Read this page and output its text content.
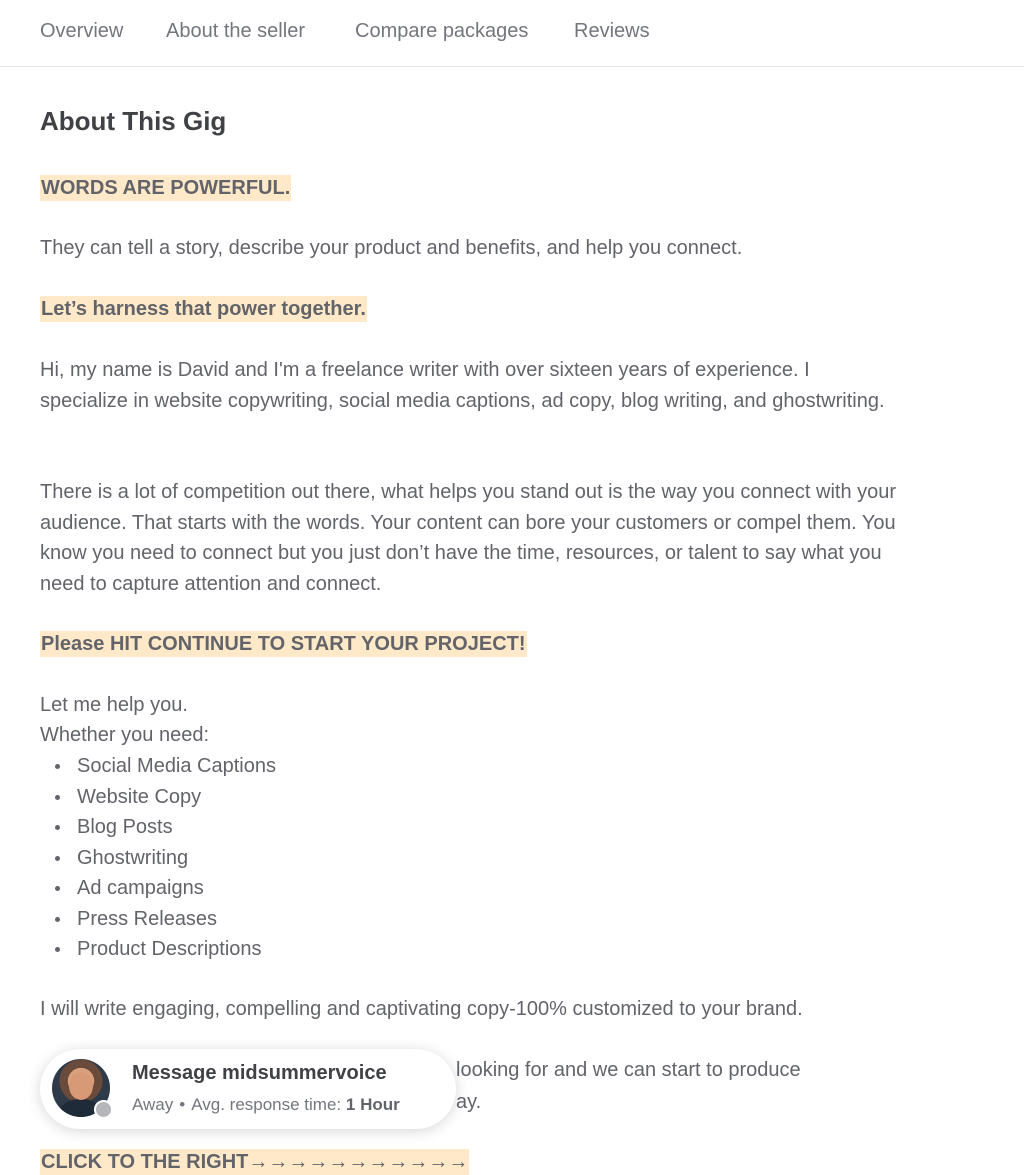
Overview About the seller	Compare packages Reviews
About This Gig
WORDS ARE POWERFUL.
They can tell a story, describe your product and benefits, and help you connect.
Let’s harness that power together.
Hi, my name is David and I'm a freelance writer with over sixteen years of experience. I specialize in website copywriting, social media captions, ad copy, blog writing, and ghostwriting.
There is a lot of competition out there, what helps you stand out is the way you connect with your audience. That starts with the words. Your content can bore your customers or compel them. You know you need to connect but you just don’t have the time, resources, or talent to say what you need to capture attention and connect.
Please HIT CONTINUE TO START YOUR PROJECT!
Let me help you.
Whether you need:
Social Media Captions
Website Copy
Blog Posts
Ghostwriting
Ad campaigns
Press Releases
Product Descriptions
I will write engaging, compelling and captivating copy-100% customized to your brand.
looking for and we can start to produce
ay.
CLICK TO THE RIGHT→→→→→→→→→→→
Message midsummervoice
Away • Avg. response time: 1 Hour
